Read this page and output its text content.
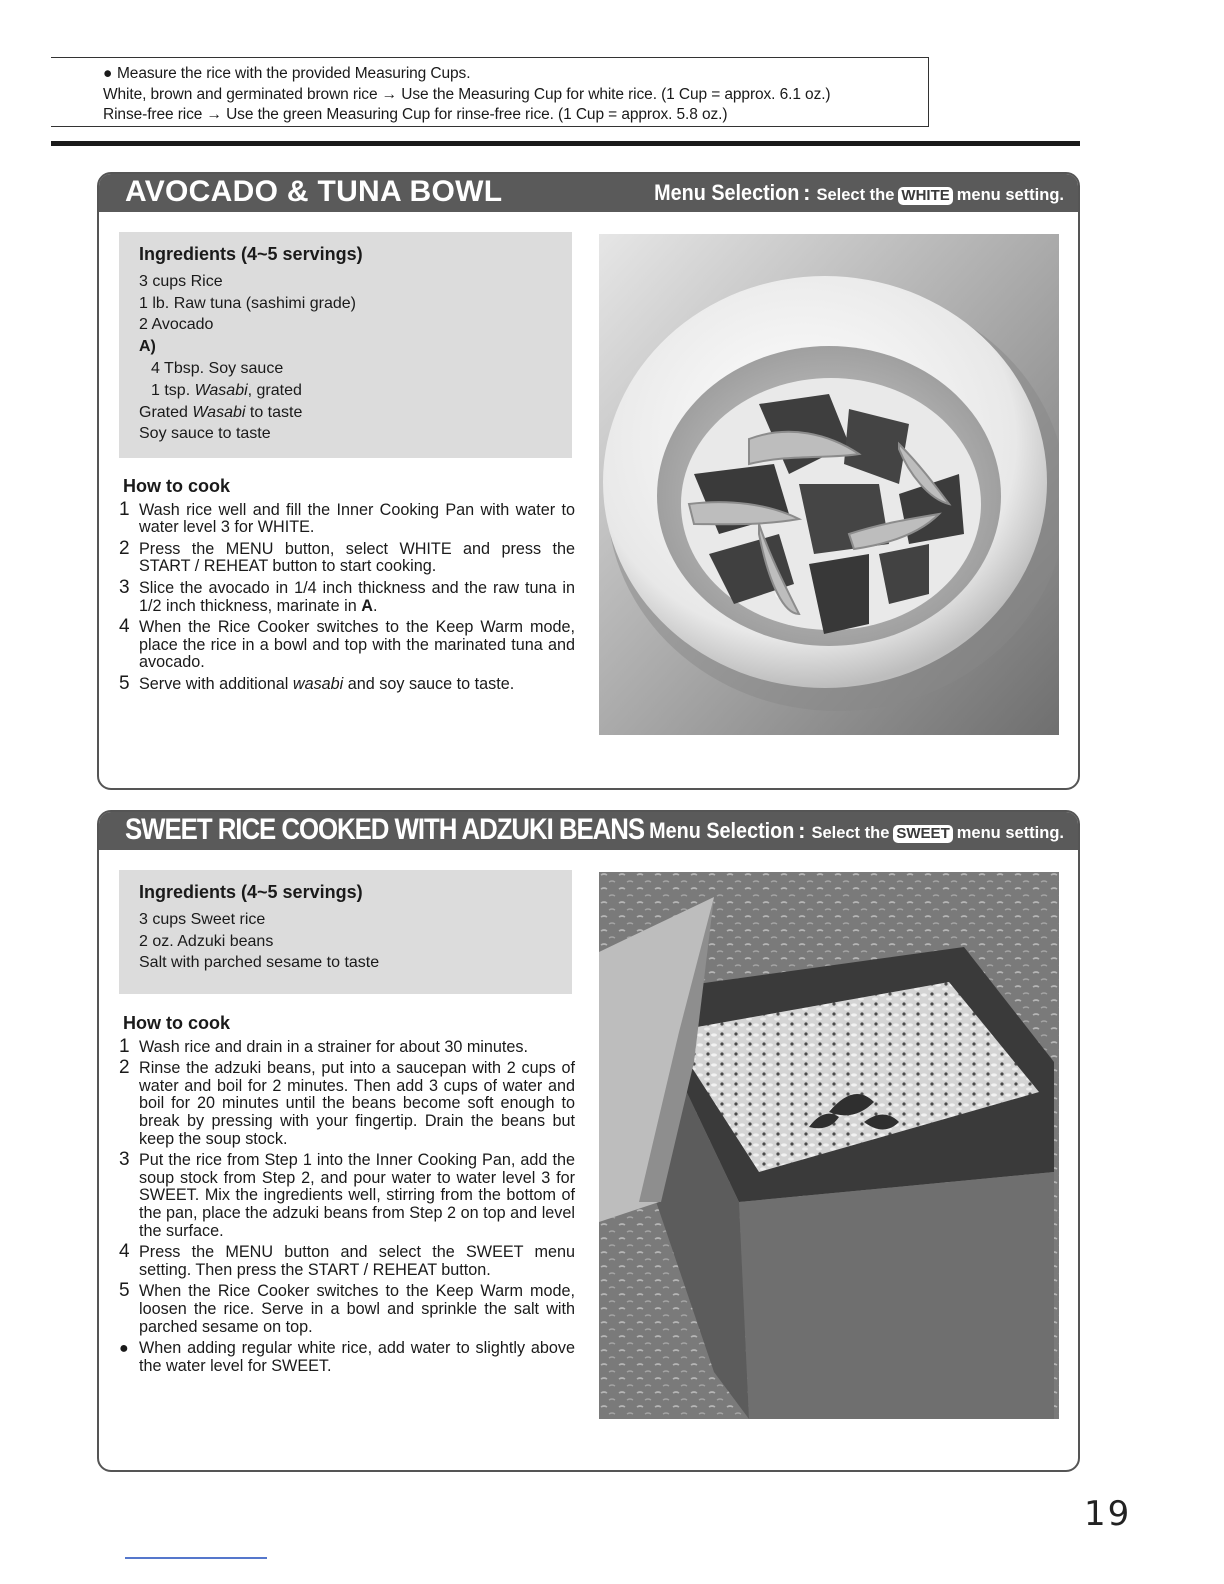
● Measure the rice with the provided Measuring Cups.
White, brown and germinated brown rice → Use the Measuring Cup for white rice. (1 Cup = approx. 6.1 oz.)
Rinse-free rice → Use the green Measuring Cup for rinse-free rice. (1 Cup = approx. 5.8 oz.)
AVOCADO & TUNA BOWL	Menu Selection : Select the WHITE menu setting.
Ingredients (4~5 servings)
3 cups Rice
1 lb. Raw tuna (sashimi grade)
2 Avocado
A)
4 Tbsp. Soy sauce
1 tsp. Wasabi, grated
Grated Wasabi to taste
Soy sauce to taste
How to cook
1 Wash rice well and fill the Inner Cooking Pan with water to water level 3 for WHITE.
2 Press the MENU button, select WHITE and press the START / REHEAT button to start cooking.
3 Slice the avocado in 1/4 inch thickness and the raw tuna in 1/2 inch thickness, marinate in A.
4 When the Rice Cooker switches to the Keep Warm mode, place the rice in a bowl and top with the marinated tuna and avocado.
5 Serve with additional wasabi and soy sauce to taste.
SWEET RICE COOKED WITH ADZUKI BEANS Menu Selection : Select the SWEET menu setting.
Ingredients (4~5 servings)
3 cups Sweet rice
2 oz. Adzuki beans
Salt with parched sesame to taste
How to cook
1 Wash rice and drain in a strainer for about 30 minutes.
2 Rinse the adzuki beans, put into a saucepan with 2 cups of water and boil for 2 minutes. Then add 3 cups of water and boil for 20 minutes until the beans become soft enough to break by pressing with your fingertip. Drain the beans but keep the soup stock.
3 Put the rice from Step 1 into the Inner Cooking Pan, add the soup stock from Step 2, and pour water to water level 3 for SWEET. Mix the ingredients well, stirring from the bottom of the pan, place the adzuki beans from Step 2 on top and level the surface.
4 Press the MENU button and select the SWEET menu setting. Then press the START / REHEAT button.
5 When the Rice Cooker switches to the Keep Warm mode, loosen the rice. Serve in a bowl and sprinkle the salt with parched sesame on top.
● When adding regular white rice, add water to slightly above the water level for SWEET.
19
